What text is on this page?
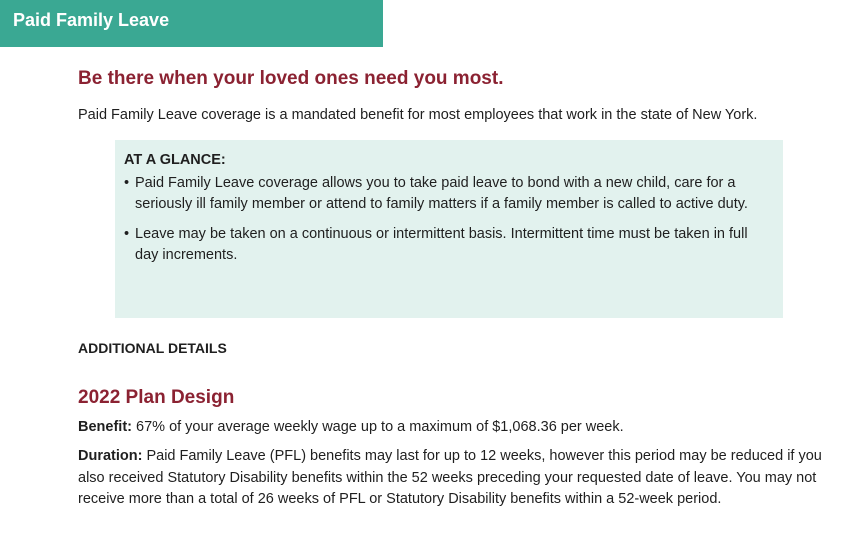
Paid Family Leave
Be there when your loved ones need you most.

Paid Family Leave coverage is a mandated benefit for most employees that work in the state of New York.

AT A GLANCE:
• Paid Family Leave coverage allows you to take paid leave to bond with a new child, care for a seriously ill family member or attend to family matters if a family member is called to active duty.
• Leave may be taken on a continuous or intermittent basis. Intermittent time must be taken in full day increments.
ADDITIONAL DETAILS
2022 Plan Design

Benefit: 67% of your average weekly wage up to a maximum of $1,068.36 per week.

Duration: Paid Family Leave (PFL) benefits may last for up to 12 weeks, however this period may be reduced if you also received Statutory Disability benefits within the 52 weeks preceding your requested date of leave. You may not receive more than a total of 26 weeks of PFL or Statutory Disability benefits within a 52-week period.
